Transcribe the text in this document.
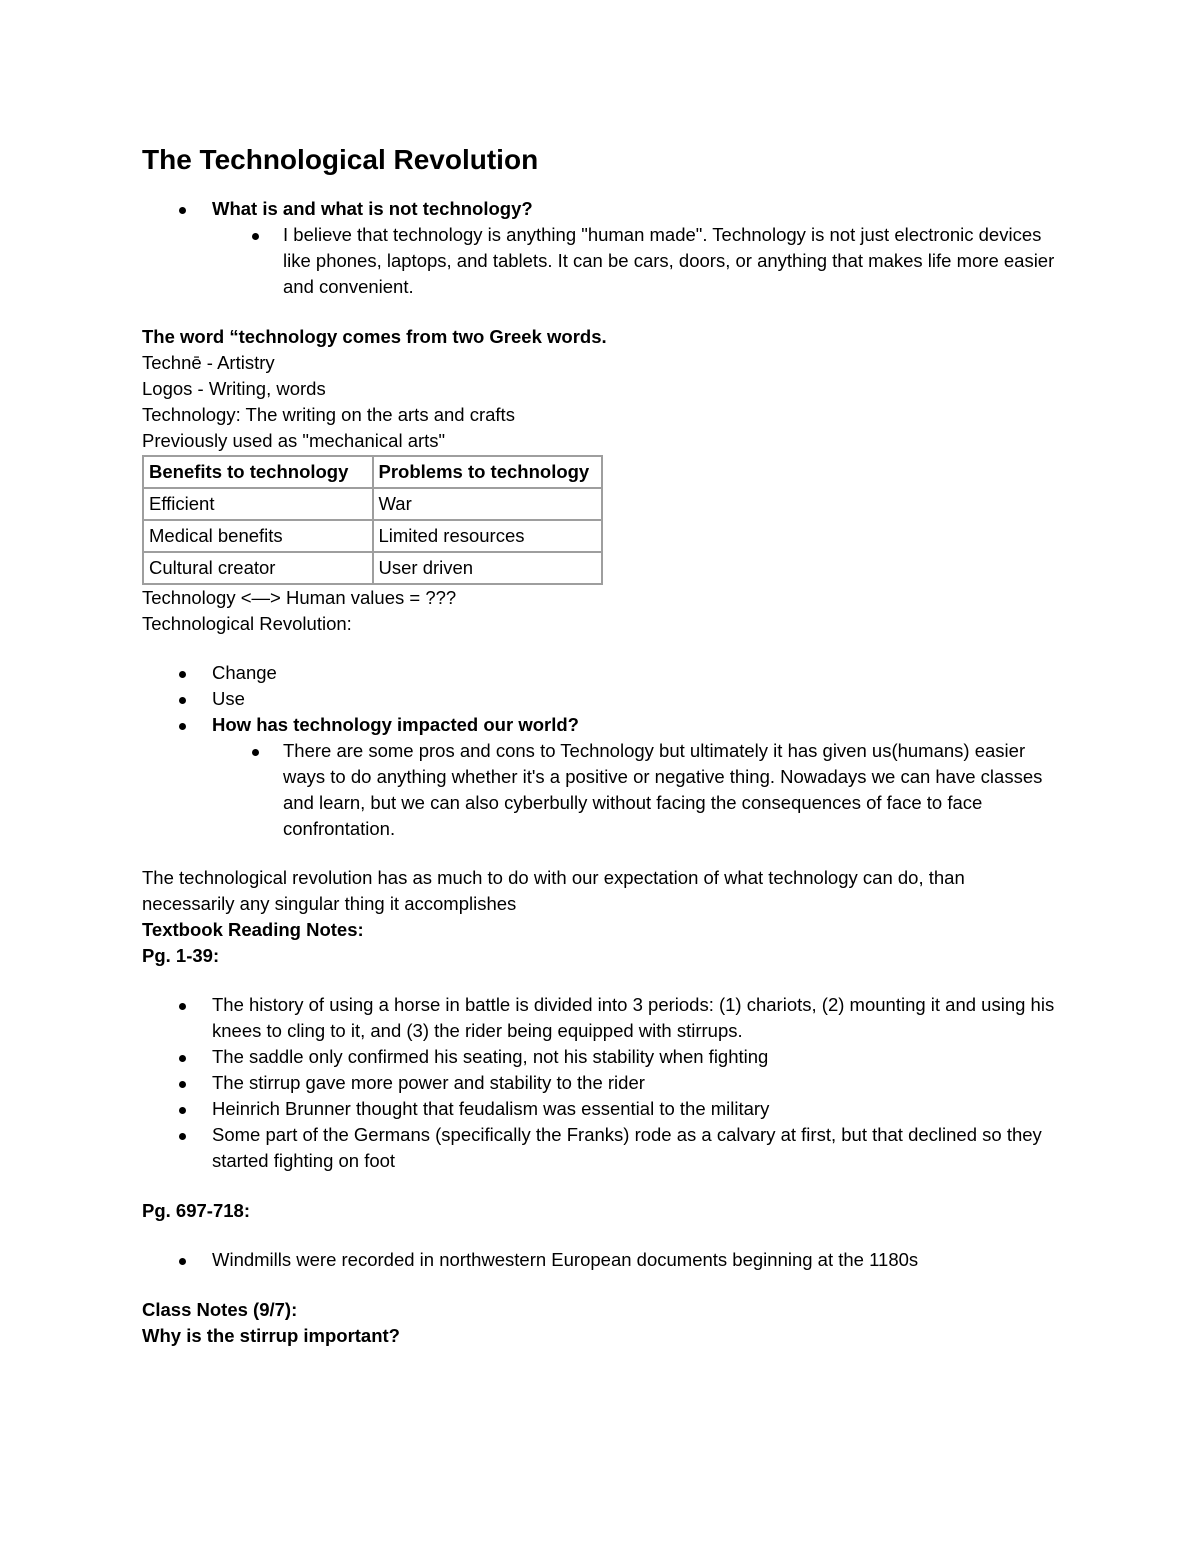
The Technological Revolution
What is and what is not technology?
I believe that technology is anything "human made". Technology is not just electronic devices like phones, laptops, and tablets. It can be cars, doors, or anything that makes life more easier and convenient.

The word “technology comes from two Greek words.

Technē - Artistry

Logos - Writing, words

Technology: The writing on the arts and crafts

Previously used as "mechanical arts"

Benefits to technology	Problems to technology
Efficient	War
Medical benefits	Limited resources
Cultural creator	User driven

Technology <—> Human values = ???

Technological Revolution:

Change
Use
How has technology impacted our world?
There are some pros and cons to Technology but ultimately it has given us(humans) easier ways to do anything whether it's a positive or negative thing. Nowadays we can have classes and learn, but we can also cyberbully without facing the consequences of face to face confrontation.

The technological revolution has as much to do with our expectation of what technology can do, than necessarily any singular thing it accomplishes

Textbook Reading Notes:

Pg. 1-39:

The history of using a horse in battle is divided into 3 periods: (1) chariots, (2) mounting it and using his knees to cling to it, and (3) the rider being equipped with stirrups.
The saddle only confirmed his seating, not his stability when fighting
The stirrup gave more power and stability to the rider
Heinrich Brunner thought that feudalism was essential to the military
Some part of the Germans (specifically the Franks) rode as a calvary at first, but that declined so they started fighting on foot

Pg. 697-718:

Windmills were recorded in northwestern European documents beginning at the 1180s

Class Notes (9/7):

Why is the stirrup important?
